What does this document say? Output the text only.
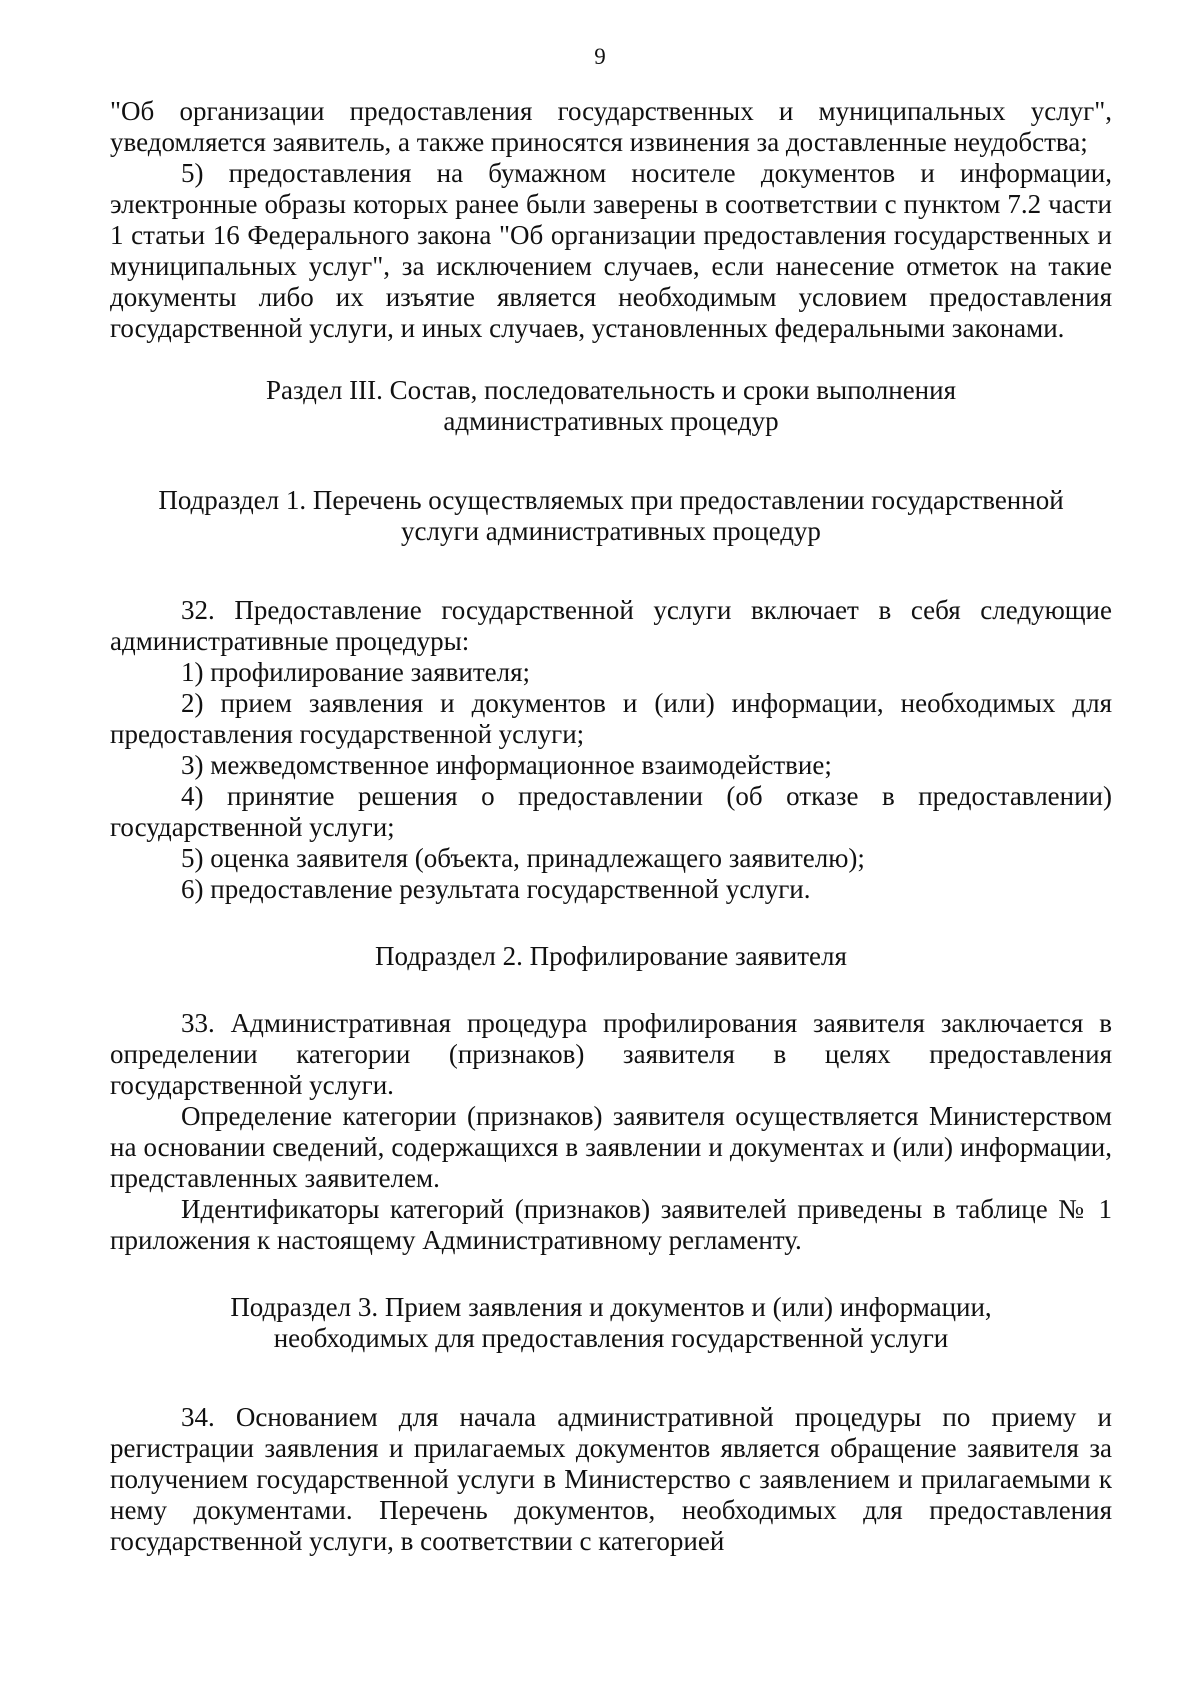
9

"Об организации предоставления государственных и муниципальных услуг", уведомляется заявитель, а также приносятся извинения за доставленные неудобства;

5) предоставления на бумажном носителе документов и информации, электронные образы которых ранее были заверены в соответствии с пунктом 7.2 части 1 статьи 16 Федерального закона "Об организации предоставления государственных и муниципальных услуг", за исключением случаев, если нанесение отметок на такие документы либо их изъятие является необходимым условием предоставления государственной услуги, и иных случаев, установленных федеральными законами.

Раздел III. Состав, последовательность и сроки выполнения
административных процедур
Подраздел 1. Перечень осуществляемых при предоставлении государственной
услуги административных процедур

32. Предоставление государственной услуги включает в себя следующие административные процедуры:

1) профилирование заявителя;

2) прием заявления и документов и (или) информации, необходимых для предоставления государственной услуги;

3) межведомственное информационное взаимодействие;

4) принятие решения о предоставлении (об отказе в предоставлении) государственной услуги;

5) оценка заявителя (объекта, принадлежащего заявителю);

6) предоставление результата государственной услуги.

Подраздел 2. Профилирование заявителя

33. Административная процедура профилирования заявителя заключается в определении категории (признаков) заявителя в целях предоставления государственной услуги.

Определение категории (признаков) заявителя осуществляется Министерством на основании сведений, содержащихся в заявлении и документах и (или) информации, представленных заявителем.

Идентификаторы категорий (признаков) заявителей приведены в таблице № 1 приложения к настоящему Административному регламенту.

Подраздел 3. Прием заявления и документов и (или) информации,
необходимых для предоставления государственной услуги

34. Основанием для начала административной процедуры по приему и регистрации заявления и прилагаемых документов является обращение заявителя за получением государственной услуги в Министерство с заявлением и прилагаемыми к нему документами. Перечень документов, необходимых для предоставления государственной услуги, в соответствии с категорией
